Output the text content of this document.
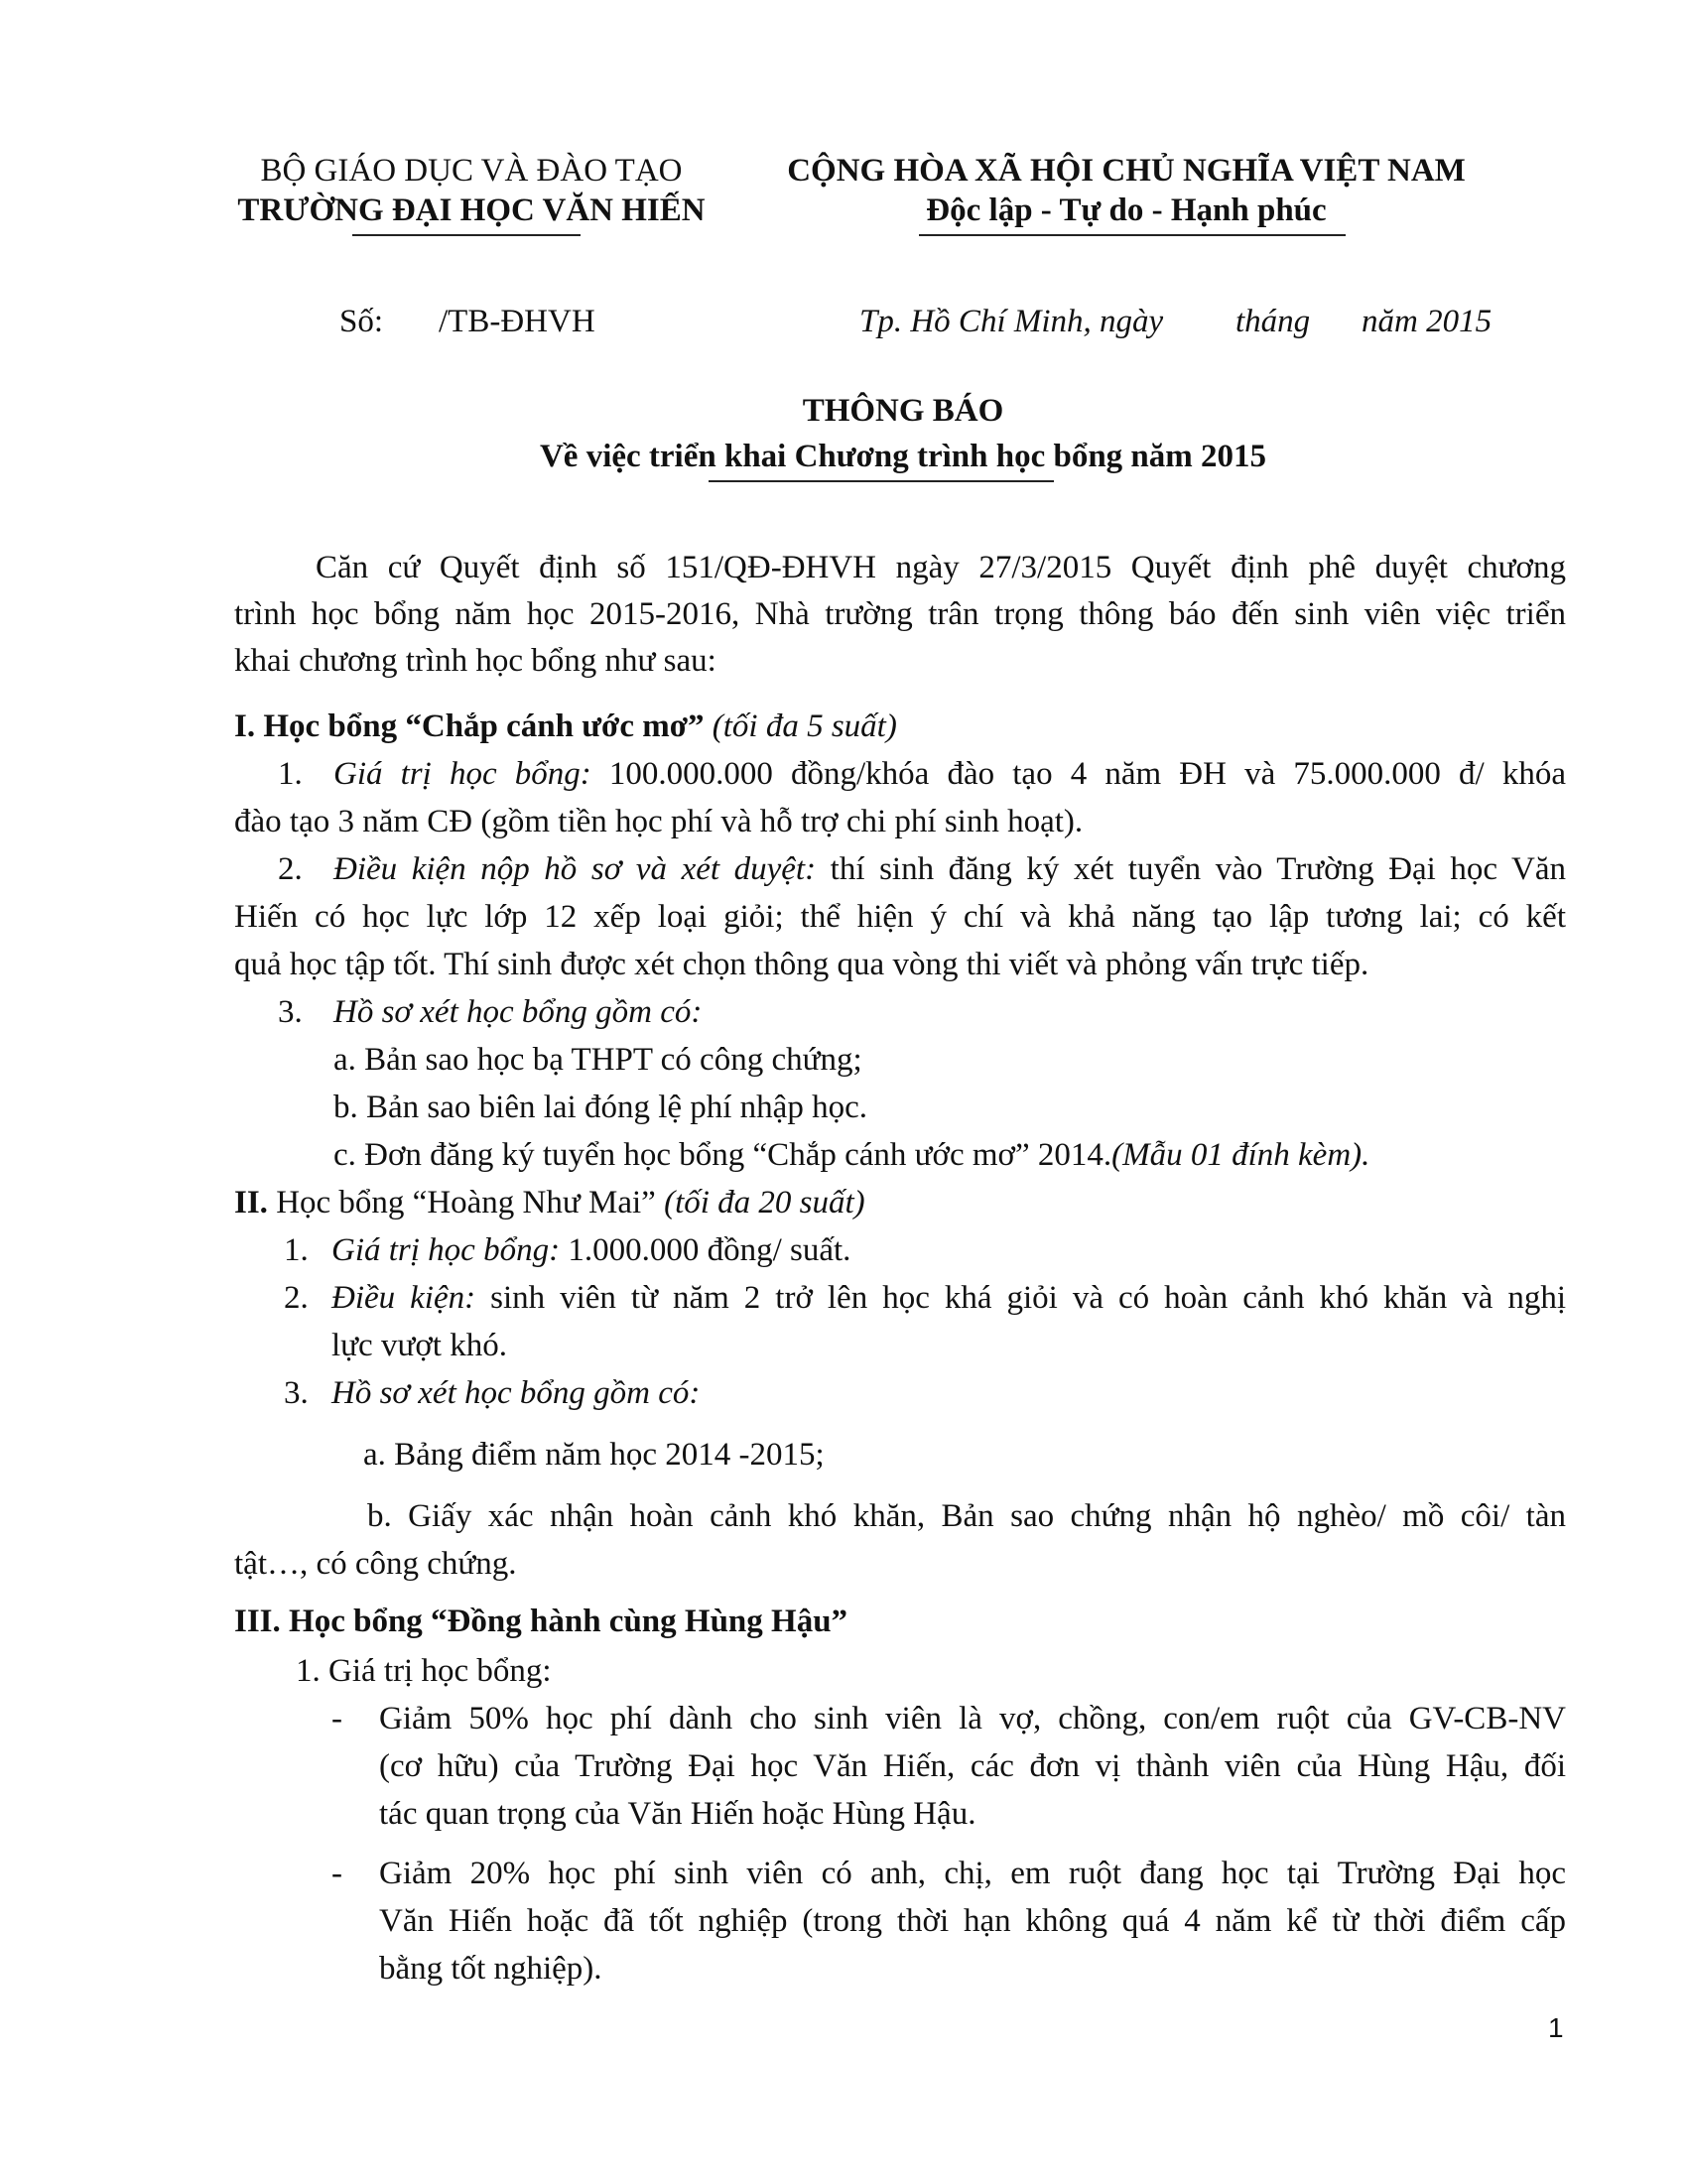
BỘ GIÁO DỤC VÀ ĐÀO TẠO
TRƯỜNG ĐẠI HỌC VĂN HIẾN
CỘNG HÒA XÃ HỘI CHỦ NGHĨA VIỆT NAM
Độc lập - Tự do - Hạnh phúc
Số: /TB-ĐHVH	Tp. Hồ Chí Minh, ngày tháng năm 2015
THÔNG BÁO
Về việc triển khai Chương trình học bổng năm 2015
Căn cứ Quyết định số 151/QĐ-ĐHVH ngày 27/3/2015 Quyết định phê duyệt chương
trình học bổng năm học 2015-2016, Nhà trường trân trọng thông báo đến sinh viên việc triển
khai chương trình học bổng như sau:
I. Học bổng “Chắp cánh ước mơ” (tối đa 5 suất)
1. Giá trị học bổng: 100.000.000 đồng/khóa đào tạo 4 năm ĐH và 75.000.000 đ/ khóa
đào tạo 3 năm CĐ (gồm tiền học phí và hỗ trợ chi phí sinh hoạt).
2. Điều kiện nộp hồ sơ và xét duyệt: thí sinh đăng ký xét tuyển vào Trường Đại học Văn
Hiến có học lực lớp 12 xếp loại giỏi; thể hiện ý chí và khả năng tạo lập tương lai; có kết
quả học tập tốt. Thí sinh được xét chọn thông qua vòng thi viết và phỏng vấn trực tiếp.
3. Hồ sơ xét học bổng gồm có:
a. Bản sao học bạ THPT có công chứng;
b. Bản sao biên lai đóng lệ phí nhập học.
c. Đơn đăng ký tuyển học bổng “Chắp cánh ước mơ” 2014.(Mẫu 01 đính kèm).
II. Học bổng “Hoàng Như Mai” (tối đa 20 suất)
1. Giá trị học bổng: 1.000.000 đồng/ suất.
2. Điều kiện: sinh viên từ năm 2 trở lên học khá giỏi và có hoàn cảnh khó khăn và nghị
lực vượt khó.
3. Hồ sơ xét học bổng gồm có:
a. Bảng điểm năm học 2014 -2015;
b. Giấy xác nhận hoàn cảnh khó khăn, Bản sao chứng nhận hộ nghèo/ mồ côi/ tàn
tật…, có công chứng.
III. Học bổng “Đồng hành cùng Hùng Hậu”
1. Giá trị học bổng:
- Giảm 50% học phí dành cho sinh viên là vợ, chồng, con/em ruột của GV-CB-NV
(cơ hữu) của Trường Đại học Văn Hiến, các đơn vị thành viên của Hùng Hậu, đối
tác quan trọng của Văn Hiến hoặc Hùng Hậu.
- Giảm 20% học phí sinh viên có anh, chị, em ruột đang học tại Trường Đại học
Văn Hiến hoặc đã tốt nghiệp (trong thời hạn không quá 4 năm kể từ thời điểm cấp
bằng tốt nghiệp).
1
